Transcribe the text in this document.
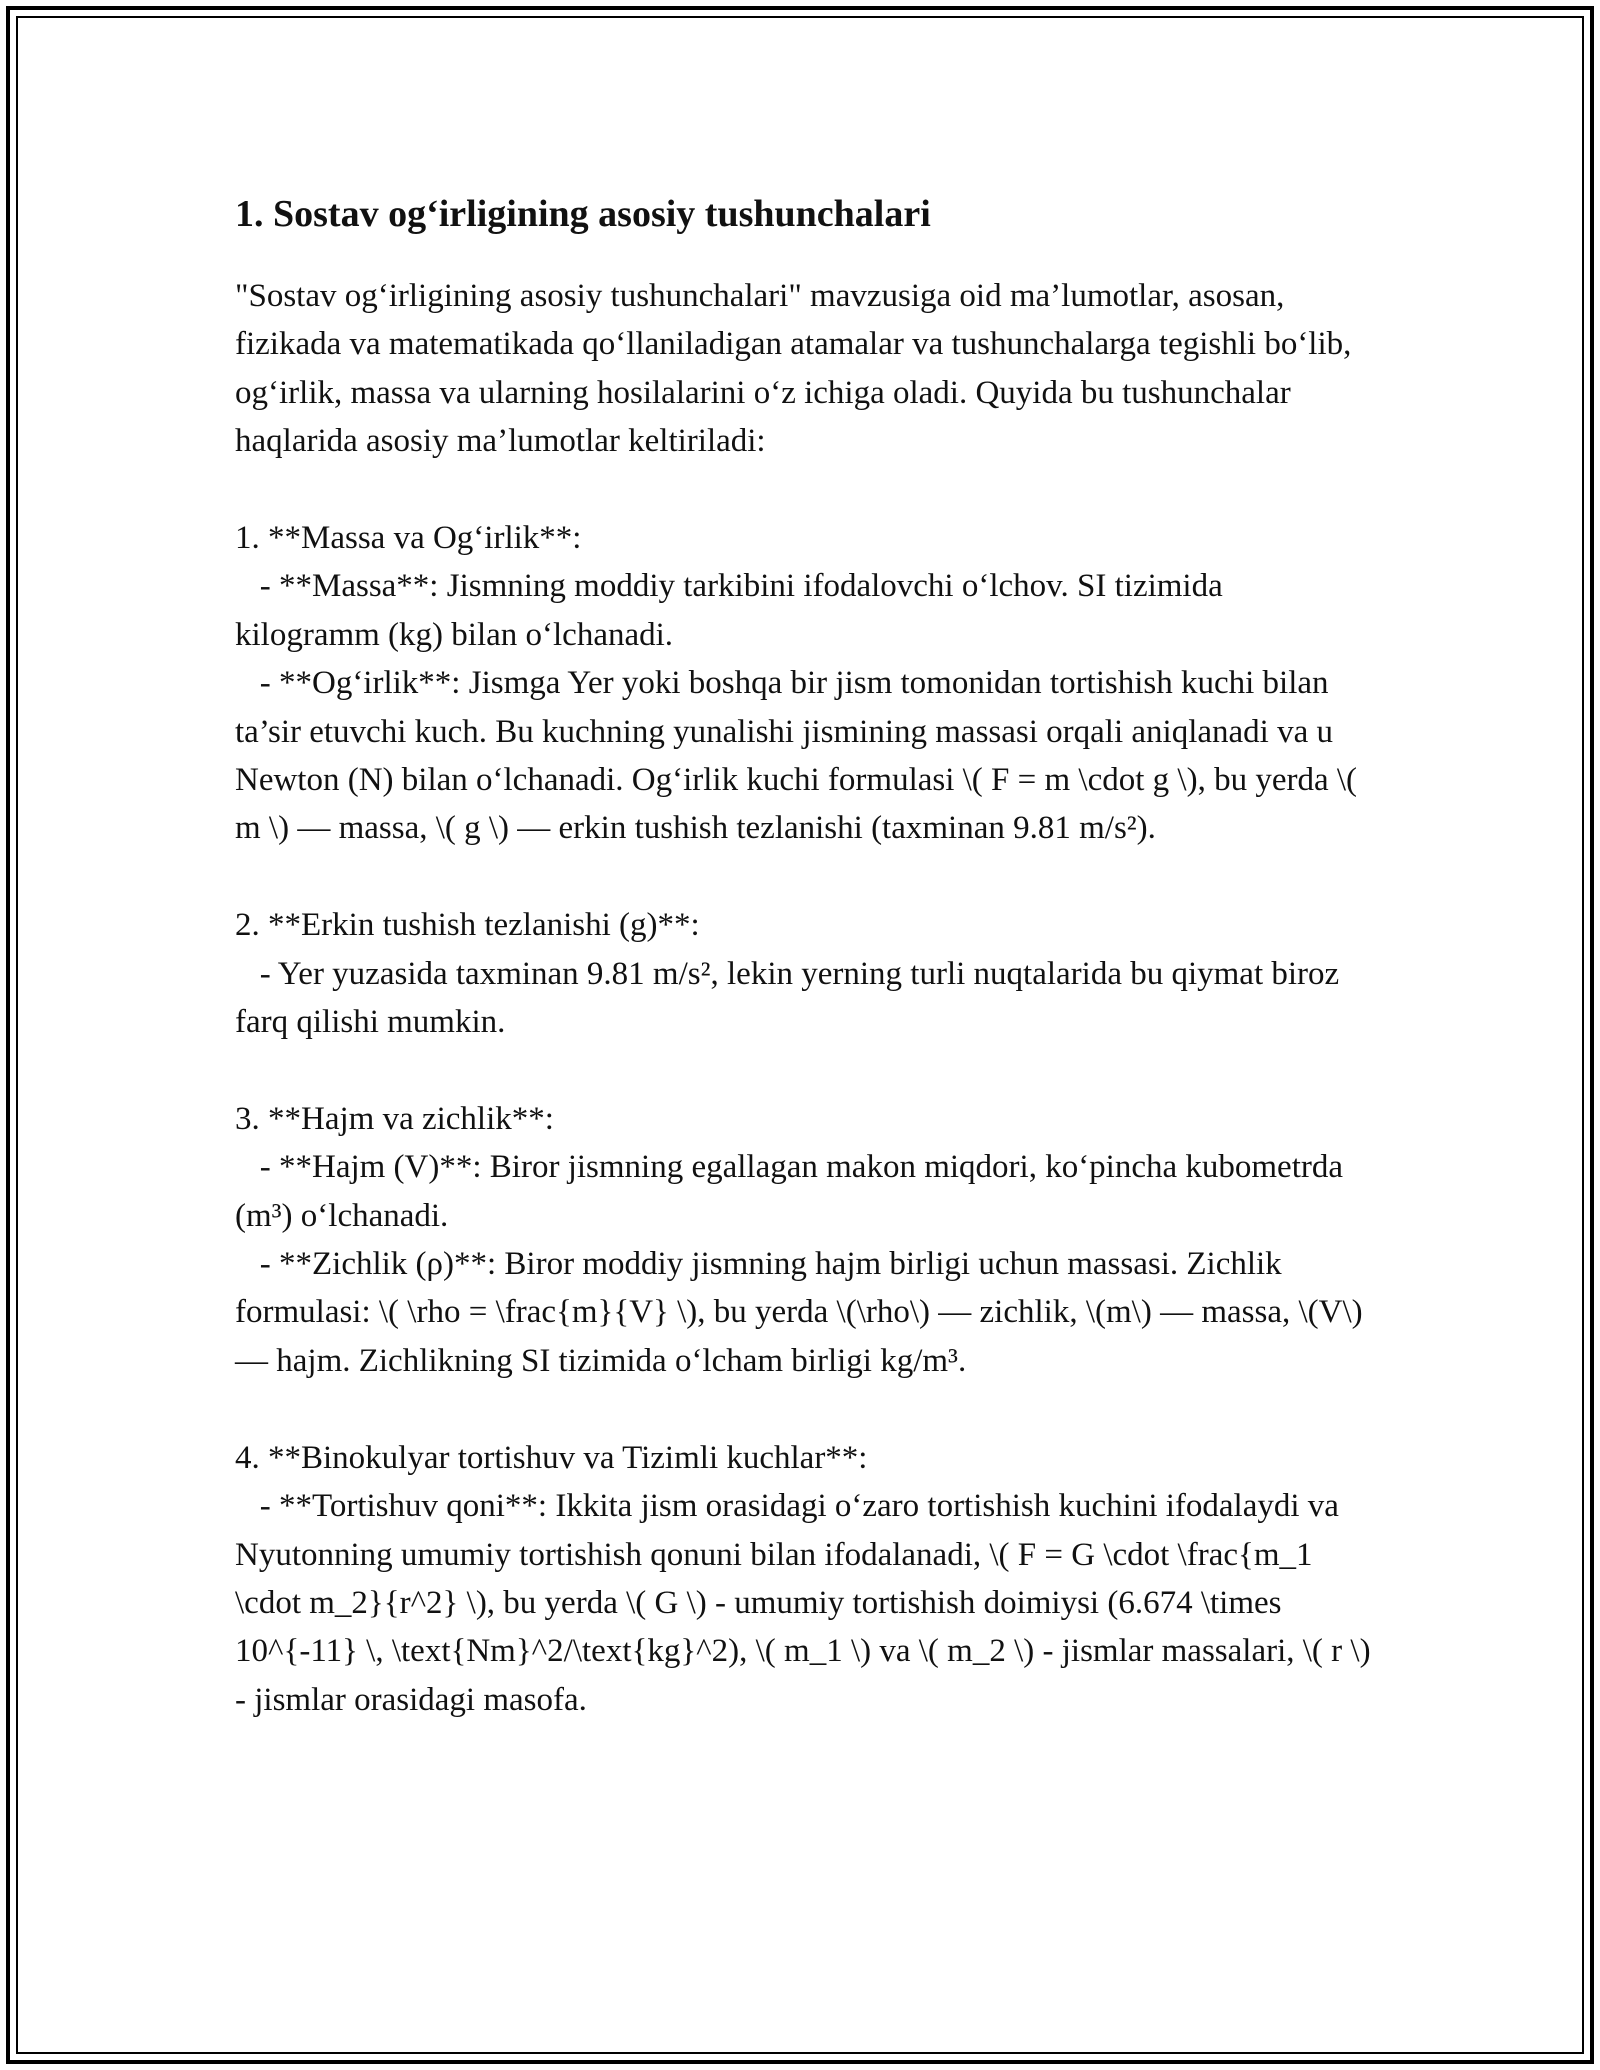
1. Sostav og‘irligining asosiy tushunchalari

"Sostav og‘irligining asosiy tushunchalari" mavzusiga oid ma’lumotlar, asosan, fizikada va matematikada qo‘llaniladigan atamalar va tushunchalarga tegishli bo‘lib, og‘irlik, massa va ularning hosilalarini o‘z ichiga oladi. Quyida bu tushunchalar haqlarida asosiy ma’lumotlar keltiriladi:

1. **Massa va Og‘irlik**:

- **Massa**: Jismning moddiy tarkibini ifodalovchi o‘lchov. SI tizimida kilogramm (kg) bilan o‘lchanadi.

- **Og‘irlik**: Jismga Yer yoki boshqa bir jism tomonidan tortishish kuchi bilan ta’sir etuvchi kuch. Bu kuchning yunalishi jismining massasi orqali aniqlanadi va u Newton (N) bilan o‘lchanadi. Og‘irlik kuchi formulasi \( F = m \cdot g \), bu yerda \( m \) — massa, \( g \) — erkin tushish tezlanishi (taxminan 9.81 m/s²).

2. **Erkin tushish tezlanishi (g)**:

- Yer yuzasida taxminan 9.81 m/s², lekin yerning turli nuqtalarida bu qiymat biroz farq qilishi mumkin.

3. **Hajm va zichlik**:

- **Hajm (V)**: Biror jismning egallagan makon miqdori, ko‘pincha kubometrda (m³) o‘lchanadi.

- **Zichlik (ρ)**: Biror moddiy jismning hajm birligi uchun massasi. Zichlik formulasi: \( \rho = \frac{m}{V} \), bu yerda \(\rho\) — zichlik, \(m\) — massa, \(V\) — hajm. Zichlikning SI tizimida o‘lcham birligi kg/m³.

4. **Binokulyar tortishuv va Tizimli kuchlar**:

- **Tortishuv qoni**: Ikkita jism orasidagi o‘zaro tortishish kuchini ifodalaydi va Nyutonning umumiy tortishish qonuni bilan ifodalanadi, \( F = G \cdot \frac{m_1 \cdot m_2}{r^2} \), bu yerda \( G \) - umumiy tortishish doimiysi (6.674 \times 10^{-11} \, \text{Nm}^2/\text{kg}^2), \( m_1 \) va \( m_2 \) - jismlar massalari, \( r \) - jismlar orasidagi masofa.
